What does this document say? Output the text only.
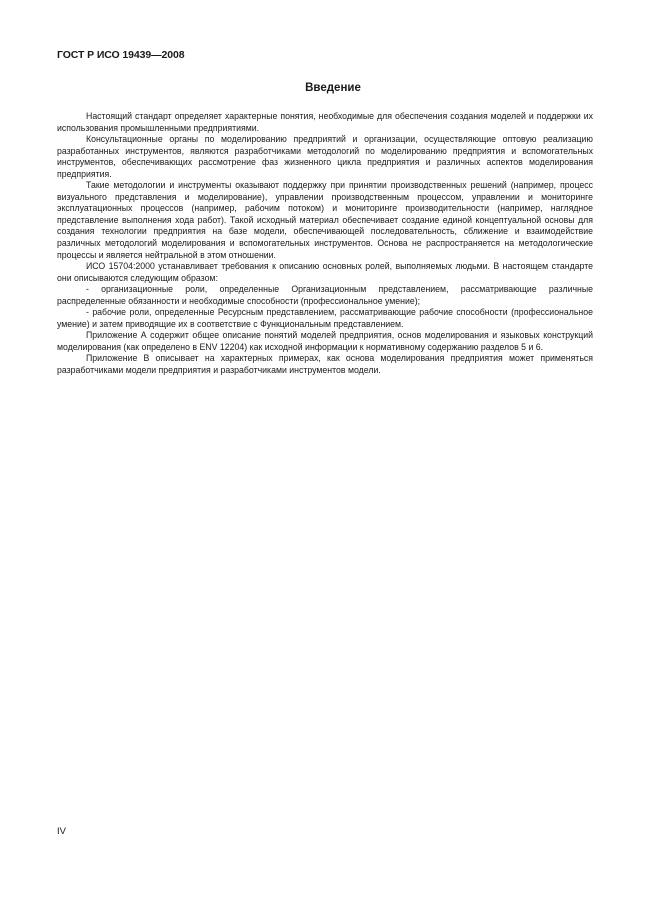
ГОСТ Р ИСО 19439—2008
Введение

Настоящий стандарт определяет характерные понятия, необходимые для обеспечения создания моделей и поддержки их использования промышленными предприятиями.

Консультационные органы по моделированию предприятий и организации, осуществляющие оптовую реализацию разработанных инструментов, являются разработчиками методологий по моделированию предприятия и вспомогательных инструментов, обеспечивающих рассмотрение фаз жизненного цикла предприятия и различных аспектов моделирования предприятия.

Такие методологии и инструменты оказывают поддержку при принятии производственных решений (например, процесс визуального представления и моделирование), управлении производственным процессом, управлении и мониторинге эксплуатационных процессов (например, рабочим потоком) и мониторинге производительности (например, наглядное представление выполнения хода работ). Такой исходный материал обеспечивает создание единой концептуальной основы для создания технологии предприятия на базе модели, обеспечивающей последовательность, сближение и взаимодействие различных методологий моделирования и вспомогательных инструментов. Основа не распространяется на методологические процессы и является нейтральной в этом отношении.

ИСО 15704:2000 устанавливает требования к описанию основных ролей, выполняемых людьми. В настоящем стандарте они описываются следующим образом:

- организационные роли, определенные Организационным представлением, рассматривающие различные распределенные обязанности и необходимые способности (профессиональное умение);

- рабочие роли, определенные Ресурсным представлением, рассматривающие рабочие способности (профессиональное умение) и затем приводящие их в соответствие с Функциональным представлением.

Приложение А содержит общее описание понятий моделей предприятия, основ моделирования и языковых конструкций моделирования (как определено в ENV 12204) как исходной информации к нормативному содержанию разделов 5 и 6.

Приложение В описывает на характерных примерах, как основа моделирования предприятия может применяться разработчиками модели предприятия и разработчиками инструментов модели.

IV
